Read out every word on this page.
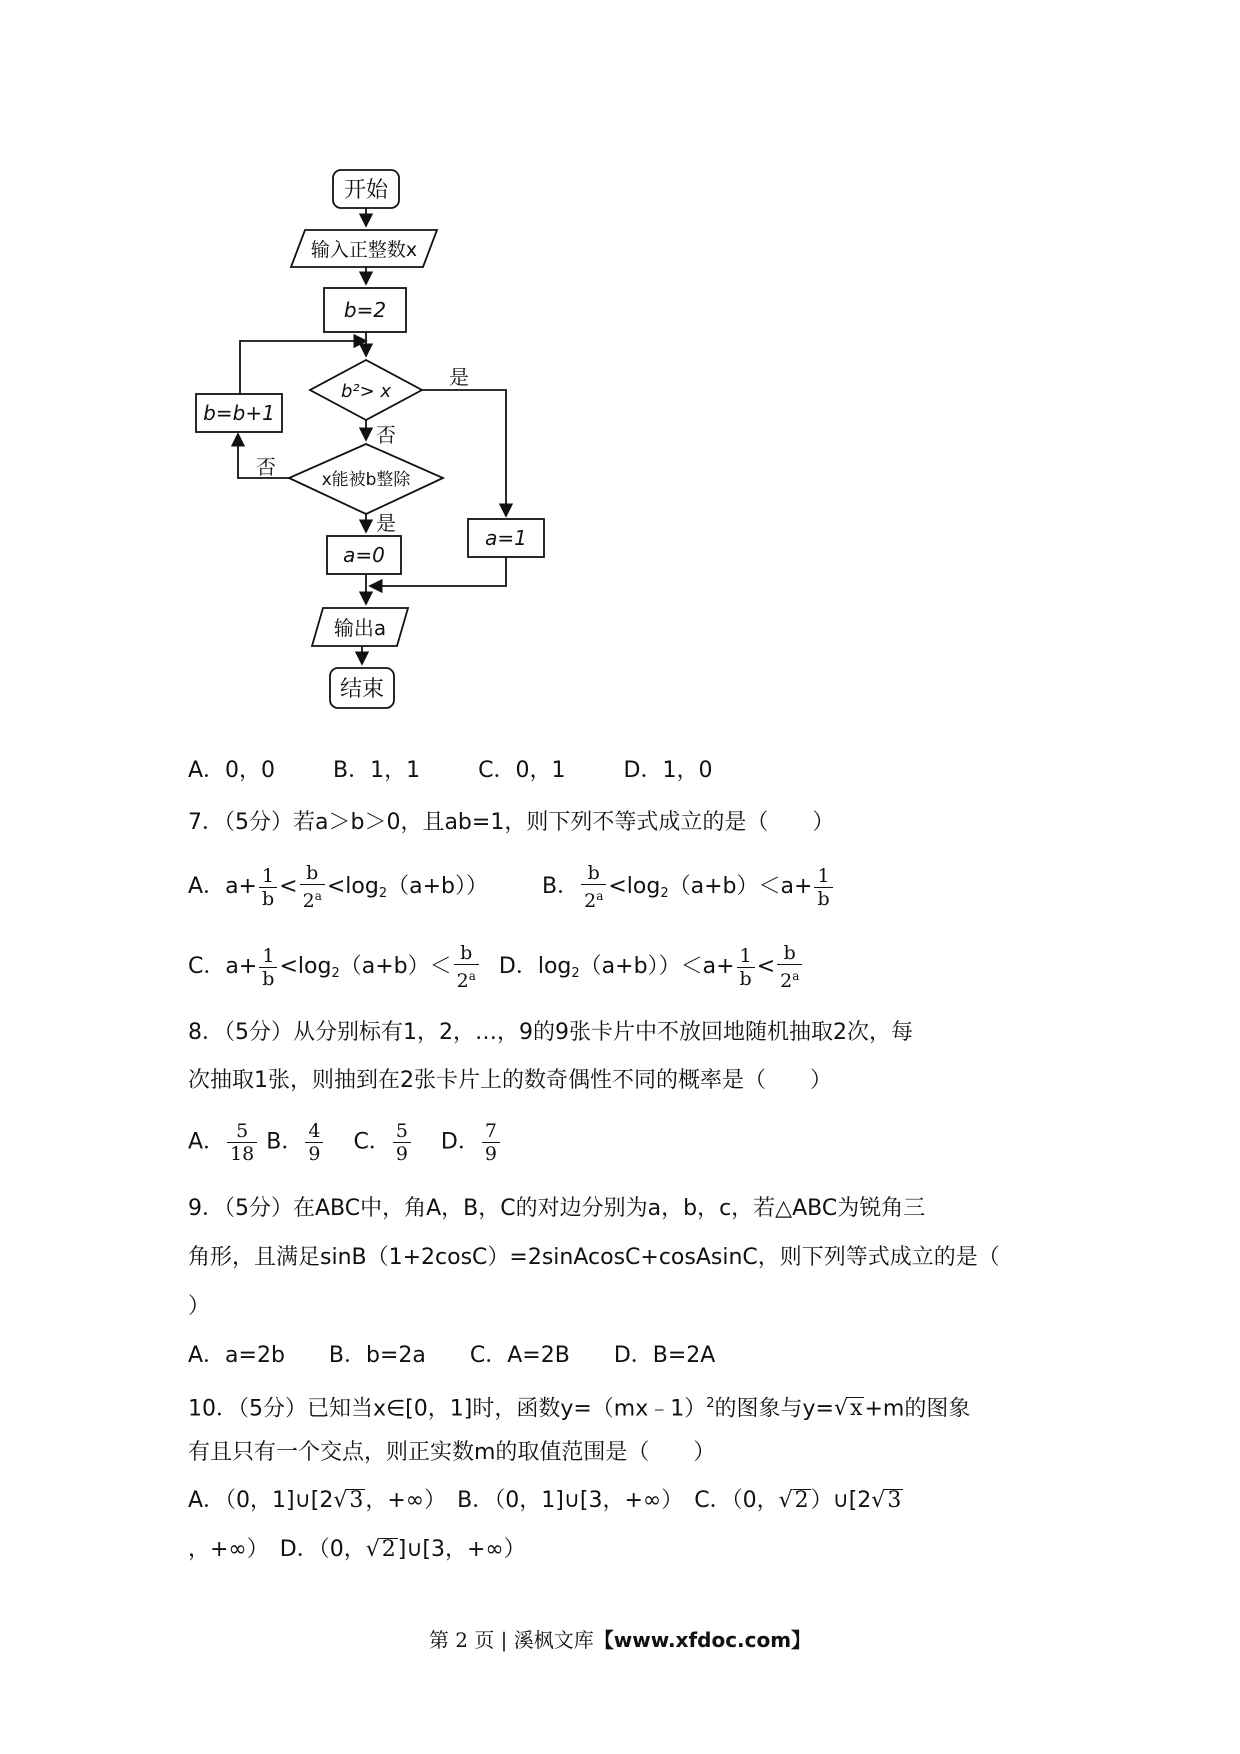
开始
输入正整数x
b=2
b²> x
是
否
b=b+1
否
x能被b整除
是
a=0
a=1
输出a
结束
A．0，0	B．1，1	C．0，1	D．1，0
7．（5分）若a＞b＞0，且ab=1，则下列不等式成立的是（　　）
A．$a+ \frac{1}{b} < \frac{b}{2^a} <\log_2(a+b)$） B． $\frac{b}{2^a} <\log_2(a+b)<a+ \frac{1}{b}$
C．$a+ \frac{1}{b} <\log_2(a+b)< \frac{b}{2^a}$ D．$\log_2(a+b))<a+ \frac{1}{b} < \frac{b}{2^a}$
8．（5分）从分别标有1，2，…，9的9张卡片中不放回地随机抽取2次，每
次抽取1张，则抽到在2张卡片上的数奇偶性不同的概率是（　　）
A． $\frac{5}{18}$ B． $\frac{4}{9}$ C． $\frac{5}{9}$ D． $\frac{7}{9}$
9．（5分）在ABC中，角A，B，C的对边分别为a，b，c，若△ABC为锐角三
角形，且满足sinB（1+2cosC）=2sinAcosC+cosAsinC，则下列等式成立的是（
）
A．a=2b　　B．b=2a　　C．A=2B　　D．B=2A
10．（5分）已知当x∈[0，1]时，函数y=（mx﹣1）$^2$的图象与y=√x+m的图象
有且只有一个交点，则正实数m的取值范围是（　　）
A．（0，1]∪[2√3，+∞）　B．（0，1]∪[3，+∞）　C．（0，√2）∪[2√3
，+∞）　D．（0，√2]∪[3，+∞）
第 2 页 | 溪枫文库【www.xfdoc.com】
